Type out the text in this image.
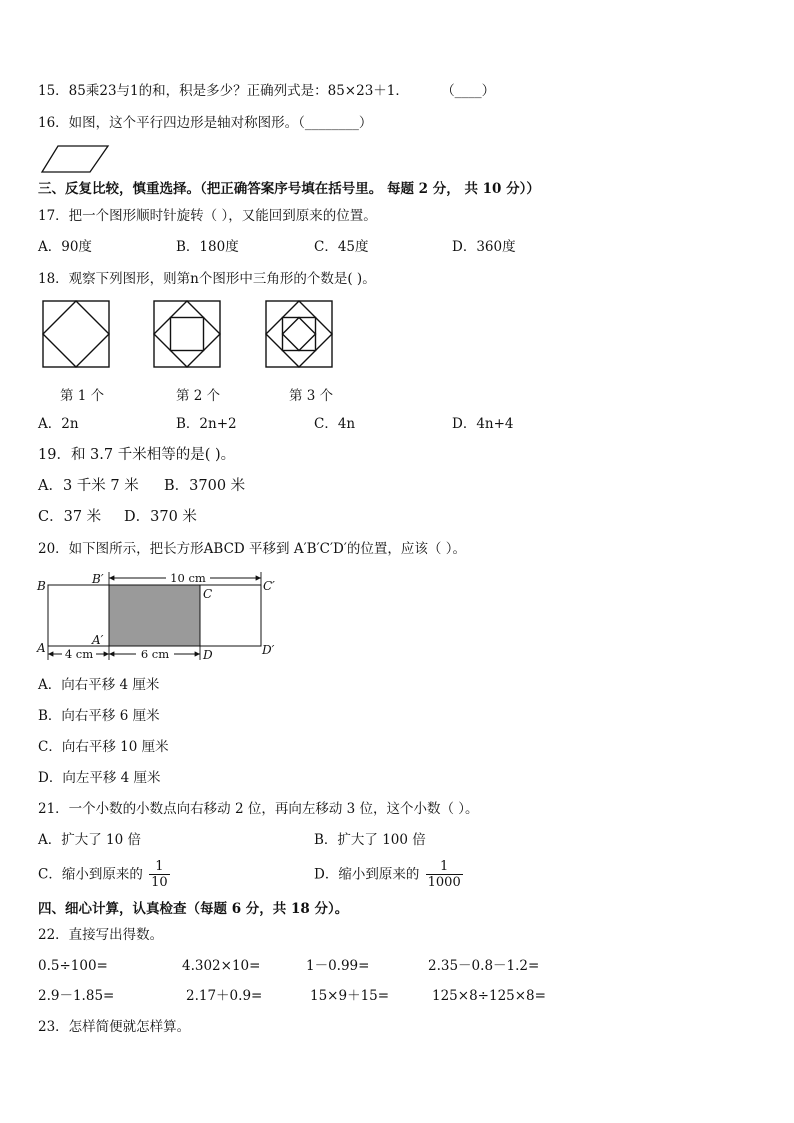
15．85乘23与1的和，积是多少？正确列式是：85×23＋1． （____）
16．如图，这个平行四边形是轴对称图形。（________）
三、反复比较，慎重选择。（把正确答案序号填在括号里。 每题 2 分， 共 10 分））
17．把一个图形顺时针旋转（ ），又能回到原来的位置。
A．90度	B．180度	C．45度	D．360度
18．观察下列图形，则第n个图形中三角形的个数是( )。
第 1 个	第 2 个	第 3 个
A．2n	B．2n+2	C．4n	D．4n+4
19．和 3.7 千米相等的是( )。
A．3 千米 7 米 B．3700 米
C．37 米 D．370 米
20．如下图所示，把长方形ABCD 平移到 A′B′C′D′的位置，应该（ ）。
10 cm
4 cm	6 cm
B	B′
C
C′
A
A′
D	D′
A．向右平移 4 厘米
B．向右平移 6 厘米
C．向右平移 10 厘米
D．向左平移 4 厘米
21．一个小数的小数点向右移动 2 位，再向左移动 3 位，这个小数（ ）。
A．扩大了 10 倍	B．扩大了 100 倍
C．缩小到原来的 $\frac{1}{10}$	D．缩小到原来的 $\frac{1}{1000}$
四、细心计算，认真检查（每题 6 分，共 18 分）。
22．直接写出得数。
0.5÷100=	4.302×10=	1－0.99=	2.35－0.8－1.2=
2.9－1.85=	2.17＋0.9=	15×9＋15=	125×8÷125×8=
23．怎样简便就怎样算。
